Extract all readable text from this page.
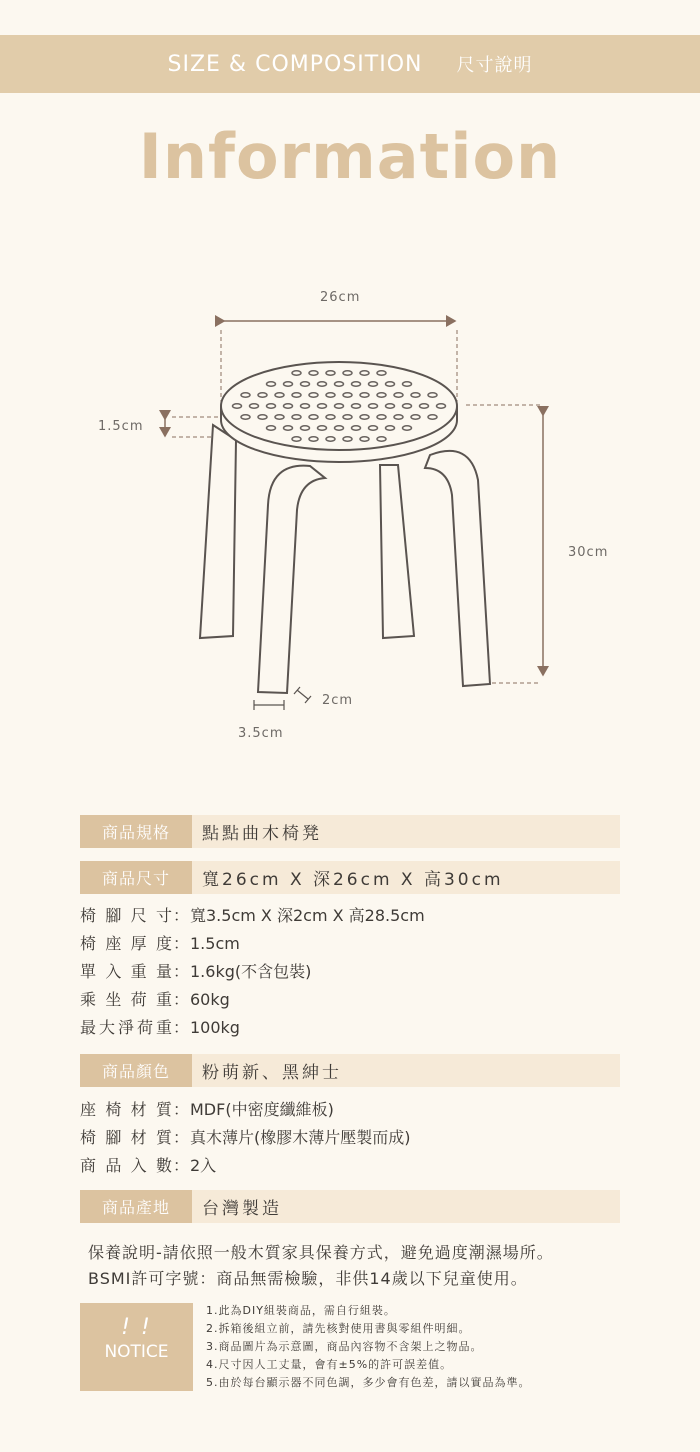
SIZE & COMPOSITION 尺寸說明
Information
26cm
30cm
1.5cm
2cm
3.5cm
商品規格	點點曲木椅凳
商品尺寸	寬26cm X 深26cm X 高30cm
椅腳尺寸：寬3.5cm X 深2cm X 高28.5cm
椅座厚度：1.5cm
單入重量：1.6kg(不含包裝)
乘坐荷重：60kg
最大淨荷重：100kg
商品顏色	粉萌新、黑紳士
座椅材質：MDF(中密度纖維板)
椅腳材質：真木薄片(橡膠木薄片壓製而成)
商品入數：2入
商品產地	台灣製造
保養說明-請依照一般木質家具保養方式，避免過度潮濕場所。
BSMI許可字號：商品無需檢驗，非供14歲以下兒童使用。
! !
NOTICE
1.此為DIY組裝商品，需自行組裝。
2.拆箱後組立前，請先核對使用書與零組件明細。
3.商品圖片為示意圖，商品內容物不含架上之物品。
4.尺寸因人工丈量，會有±5%的許可誤差值。
5.由於每台顯示器不同色調，多少會有色差，請以實品為準。
